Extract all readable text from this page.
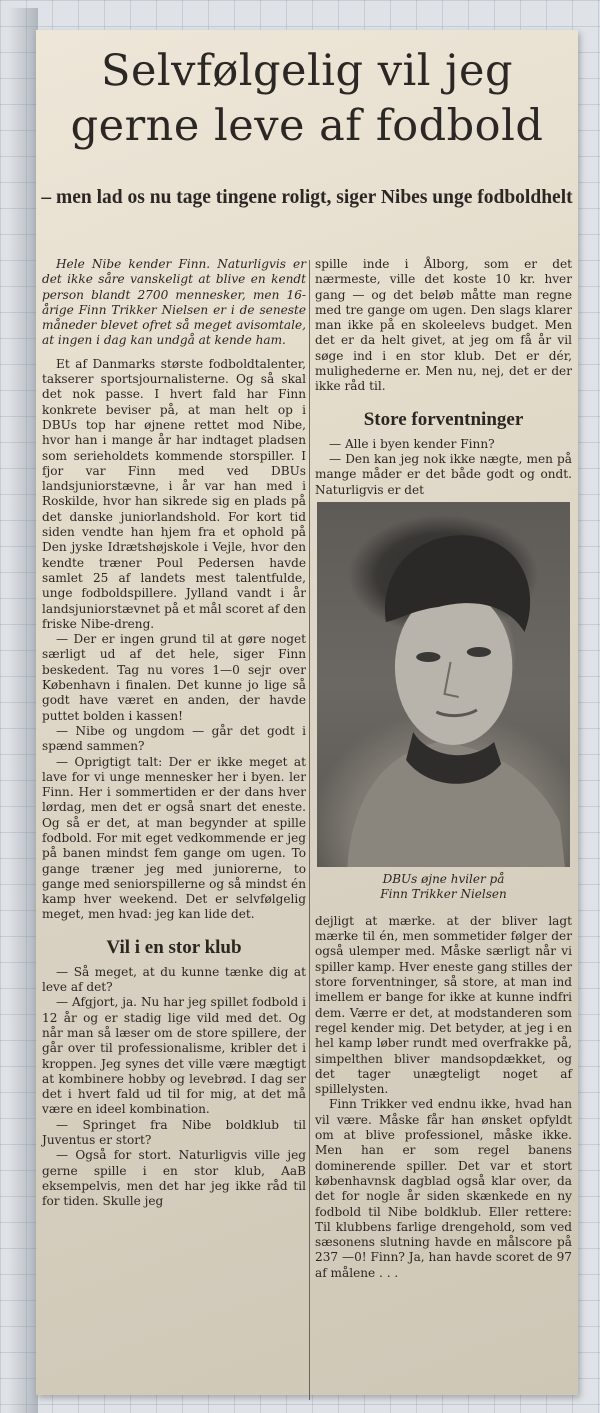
Selvfølgelig vil jeg
gerne leve af fodbold

– men lad os nu tage tingene roligt, siger Nibes unge fodboldhelt

Hele Nibe kender Finn. Naturligvis er det ikke såre vanskeligt at blive en kendt person blandt 2700 mennesker, men 16-årige Finn Trikker Nielsen er i de seneste måneder blevet ofret så meget avisomtale, at ingen i dag kan undgå at kende ham.

Et af Danmarks største fodboldtalenter, takserer sportsjournalisterne. Og så skal det nok passe. I hvert fald har Finn konkrete beviser på, at man helt op i DBUs top har øjnene rettet mod Nibe, hvor han i mange år har indtaget pladsen som serieholdets kommende storspiller. I fjor var Finn med ved DBUs landsjuniorstævne, i år var han med i Roskilde, hvor han sikrede sig en plads på det danske juniorlandshold. For kort tid siden vendte han hjem fra et ophold på Den jyske Idrætshøjskole i Vejle, hvor den kendte træner Poul Pedersen havde samlet 25 af landets mest talentfulde, unge fodboldspillere. Jylland vandt i år landsjuniorstævnet på et mål scoret af den friske Nibe-dreng.

— Der er ingen grund til at gøre noget særligt ud af det hele, siger Finn beskedent. Tag nu vores 1—0 sejr over København i finalen. Det kunne jo lige så godt have været en anden, der havde puttet bolden i kassen!

— Nibe og ungdom — går det godt i spænd sammen?

— Oprigtigt talt: Der er ikke meget at lave for vi unge mennesker her i byen. ler Finn. Her i sommertiden er der dans hver lørdag, men det er også snart det eneste. Og så er det, at man begynder at spille fodbold. For mit eget vedkommende er jeg på banen mindst fem gange om ugen. To gange træner jeg med juniorerne, to gange med seniorspillerne og så mindst én kamp hver weekend. Det er selvfølgelig meget, men hvad: jeg kan lide det.

Vil i en stor klub

— Så meget, at du kunne tænke dig at leve af det?

— Afgjort, ja. Nu har jeg spillet fodbold i 12 år og er stadig lige vild med det. Og når man så læser om de store spillere, der går over til professionalisme, kribler det i kroppen. Jeg synes det ville være mægtigt at kombinere hobby og levebrød. I dag ser det i hvert fald ud til for mig, at det må være en ideel kombination.

— Springet fra Nibe boldklub til Juventus er stort?

— Også for stort. Naturligvis ville jeg gerne spille i en stor klub, AaB eksempelvis, men det har jeg ikke råd til for tiden. Skulle jeg

spille inde i Ålborg, som er det nærmeste, ville det koste 10 kr. hver gang — og det beløb måtte man regne med tre gange om ugen. Den slags klarer man ikke på en skoleelevs budget. Men det er da helt givet, at jeg om få år vil søge ind i en stor klub. Det er dér, mulighederne er. Men nu, nej, det er der ikke råd til.

Store forventninger

— Alle i byen kender Finn?

— Den kan jeg nok ikke nægte, men på mange måder er det både godt og ondt. Naturligvis er det

DBUs øjne hviler på
Finn Trikker Nielsen

dejligt at mærke. at der bliver lagt mærke til én, men sommetider følger der også ulemper med. Måske særligt når vi spiller kamp. Hver eneste gang stilles der store forventninger, så store, at man ind imellem er bange for ikke at kunne indfri dem. Værre er det, at modstanderen som regel kender mig. Det betyder, at jeg i en hel kamp løber rundt med overfrakke på, simpelthen bliver mandsopdækket, og det tager unægteligt noget af spillelysten.

Finn Trikker ved endnu ikke, hvad han vil være. Måske får han ønsket opfyldt om at blive professionel, måske ikke. Men han er som regel banens dominerende spiller. Det var et stort københavnsk dagblad også klar over, da det for nogle år siden skænkede en ny fodbold til Nibe boldklub. Eller rettere: Til klubbens farlige drengehold, som ved sæsonens slutning havde en målscore på 237 —0! Finn? Ja, han havde scoret de 97 af målene . . .
